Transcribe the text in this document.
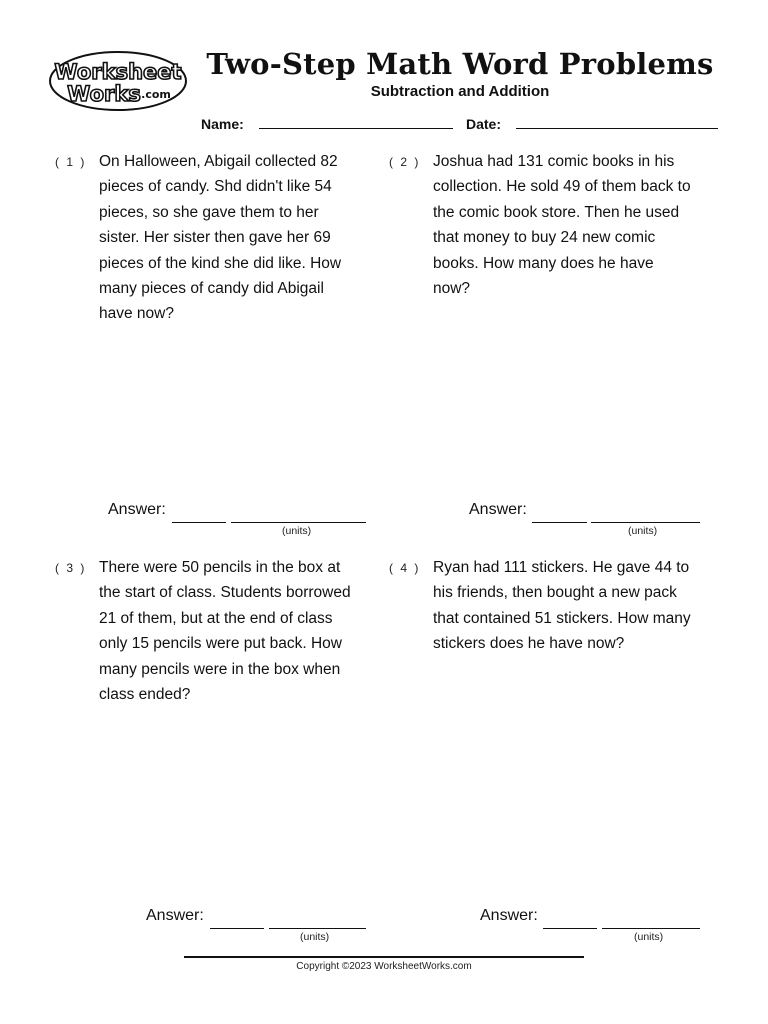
Worksheet
Works .com
Two-Step Math Word Problems
Subtraction and Addition
Name:	Date:
( 1 ) On Halloween, Abigail collected 82
pieces of candy. Shd didn't like 54
pieces, so she gave them to her
sister. Her sister then gave her 69
pieces of the kind she did like. How
many pieces of candy did Abigail
have now?
( 2 ) Joshua had 131 comic books in his
collection. He sold 49 of them back to
the comic book store. Then he used
that money to buy 24 new comic
books. How many does he have
now?
Answer:
(units)
Answer:
(units)
( 3 ) There were 50 pencils in the box at
the start of class. Students borrowed
21 of them, but at the end of class
only 15 pencils were put back. How
many pencils were in the box when
class ended?
( 4 ) Ryan had 111 stickers. He gave 44 to
his friends, then bought a new pack
that contained 51 stickers. How many
stickers does he have now?
Answer:
(units)
Answer:
(units)
Copyright ©2023 WorksheetWorks.com
